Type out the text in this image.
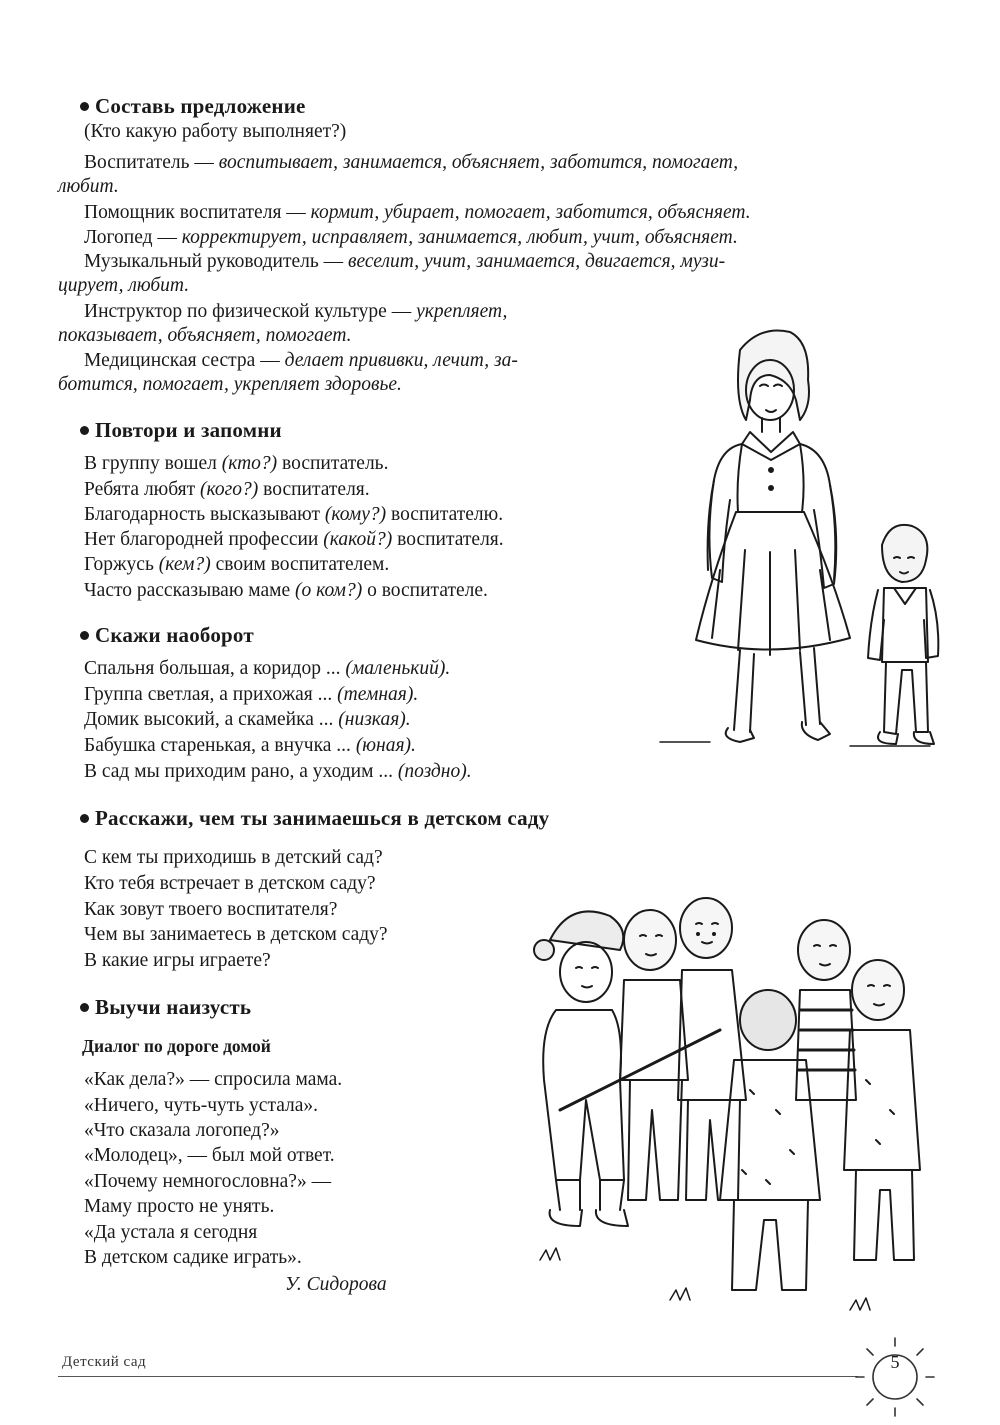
Составь предложение
(Кто какую работу выполняет?)
Воспитатель — воспитывает, занимается, объясняет, заботится, помогает,
любит.
Помощник воспитателя — кормит, убирает, помогает, заботится, объясняет.
Логопед — корректирует, исправляет, занимается, любит, учит, объясняет.
Музыкальный руководитель — веселит, учит, занимается, двигается, музи-
цирует, любит.
Инструктор по физической культуре — укрепляет,
показывает, объясняет, помогает.
Медицинская сестра — делает прививки, лечит, за-
ботится, помогает, укрепляет здоровье.
Повтори и запомни
В группу вошел (кто?) воспитатель.
Ребята любят (кого?) воспитателя.
Благодарность высказывают (кому?) воспитателю.
Нет благородней профессии (какой?) воспитателя.
Горжусь (кем?) своим воспитателем.
Часто рассказываю маме (о ком?) о воспитателе.
Скажи наоборот
Спальня большая, а коридор ... (маленький).
Группа светлая, а прихожая ... (темная).
Домик высокий, а скамейка ... (низкая).
Бабушка старенькая, а внучка ... (юная).
В сад мы приходим рано, а уходим ... (поздно).
Расскажи, чем ты занимаешься в детском саду
С кем ты приходишь в детский сад?
Кто тебя встречает в детском саду?
Как зовут твоего воспитателя?
Чем вы занимаетесь в детском саду?
В какие игры играете?
Выучи наизусть
Диалог по дороге домой
«Как дела?» — спросила мама.
«Ничего, чуть-чуть устала».
«Что сказала логопед?»
«Молодец», — был мой ответ.
«Почему немногословна?» —
Маму просто не унять.
«Да устала я сегодня
В детском садике играть».
У. Сидорова
Детский сад	5
